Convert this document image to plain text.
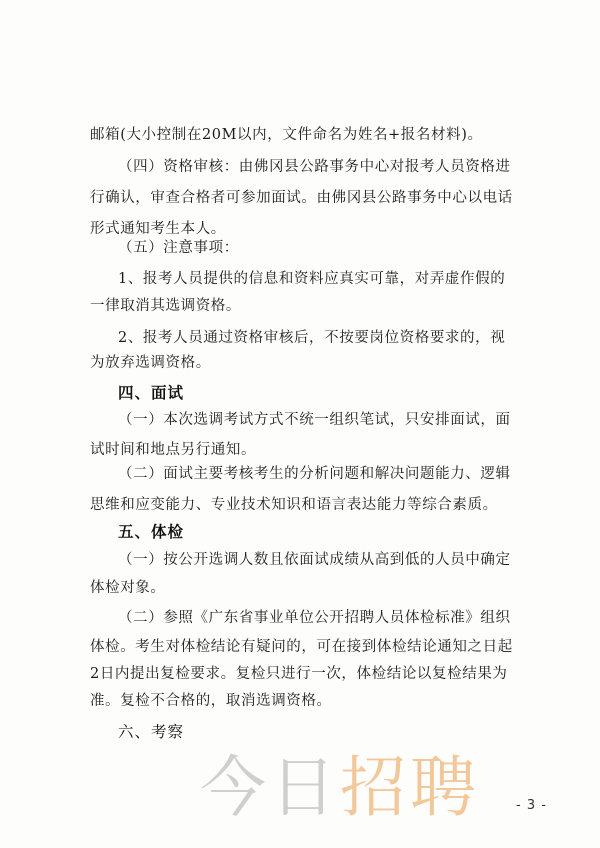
邮箱(大小控制在20M以内，文件命名为姓名+报名材料)。
（四）资格审核：由佛冈县公路事务中心对报考人员资格进
行确认，审查合格者可参加面试。由佛冈县公路事务中心以电话
形式通知考生本人。
（五）注意事项：
1、报考人员提供的信息和资料应真实可靠，对弄虚作假的
一律取消其选调资格。
2、报考人员通过资格审核后，不按要岗位资格要求的，视
为放弃选调资格。
四、面试
（一）本次选调考试方式不统一组织笔试，只安排面试，面
试时间和地点另行通知。
（二）面试主要考核考生的分析问题和解决问题能力、逻辑
思维和应变能力、专业技术知识和语言表达能力等综合素质。
五、体检
（一）按公开选调人数且依面试成绩从高到低的人员中确定
体检对象。
（二）参照《广东省事业单位公开招聘人员体检标准》组织
体检。考生对体检结论有疑问的，可在接到体检结论通知之日起
2日内提出复检要求。复检只进行一次，体检结论以复检结果为
准。复检不合格的，取消选调资格。
六、考察
今日 招聘	- 3 -
